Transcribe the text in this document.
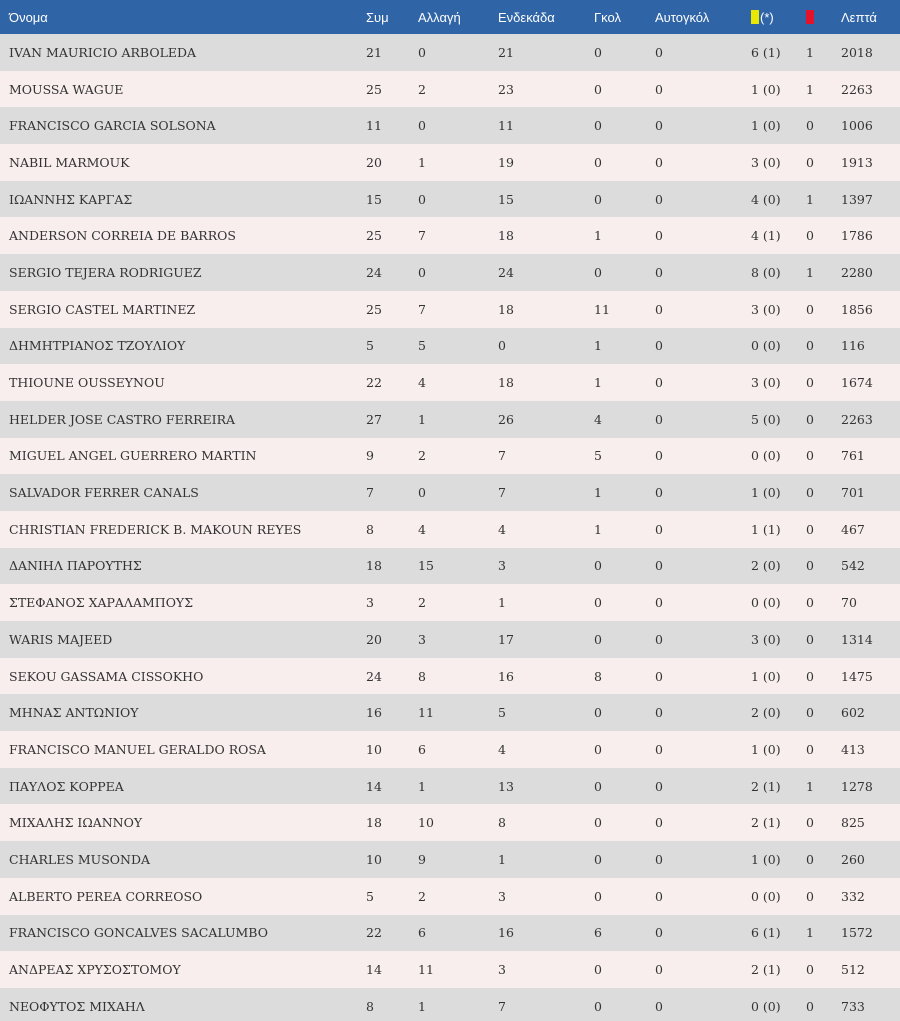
Όνομα	Συμ	Αλλαγή	Ενδεκάδα	Γκολ	Αυτογκόλ	(*)		Λεπτά
IVAN MAURICIO ARBOLEDA	21	0	21	0	0	6 (1)	1	2018
MOUSSA WAGUE	25	2	23	0	0	1 (0)	1	2263
FRANCISCO GARCIA SOLSONA	11	0	11	0	0	1 (0)	0	1006
NABIL MARMOUK	20	1	19	0	0	3 (0)	0	1913
ΙΩΑΝΝΗΣ ΚΑΡΓΑΣ	15	0	15	0	0	4 (0)	1	1397
ANDERSON CORREIA DE BARROS	25	7	18	1	0	4 (1)	0	1786
SERGIO TEJERA RODRIGUEZ	24	0	24	0	0	8 (0)	1	2280
SERGIO CASTEL MARTINEZ	25	7	18	11	0	3 (0)	0	1856
ΔΗΜΗΤΡΙΑΝΟΣ ΤΖΟΥΛΙΟΥ	5	5	0	1	0	0 (0)	0	116
THIOUNE OUSSEYNOU	22	4	18	1	0	3 (0)	0	1674
HELDER JOSE CASTRO FERREIRA	27	1	26	4	0	5 (0)	0	2263
MIGUEL ANGEL GUERRERO MARTIN	9	2	7	5	0	0 (0)	0	761
SALVADOR FERRER CANALS	7	0	7	1	0	1 (0)	0	701
CHRISTIAN FREDERICK B. MAKOUN REYES	8	4	4	1	0	1 (1)	0	467
ΔΑΝΙΗΛ ΠΑΡΟΥΤΗΣ	18	15	3	0	0	2 (0)	0	542
ΣΤΕΦΑΝΟΣ ΧΑΡΑΛΑΜΠΟΥΣ	3	2	1	0	0	0 (0)	0	70
WARIS MAJEED	20	3	17	0	0	3 (0)	0	1314
SEKOU GASSAMA CISSOKHO	24	8	16	8	0	1 (0)	0	1475
ΜΗΝΑΣ ΑΝΤΩΝΙΟΥ	16	11	5	0	0	2 (0)	0	602
FRANCISCO MANUEL GERALDO ROSA	10	6	4	0	0	1 (0)	0	413
ΠΑΥΛΟΣ ΚΟΡΡΕΑ	14	1	13	0	0	2 (1)	1	1278
ΜΙΧΑΛΗΣ ΙΩΑΝΝΟΥ	18	10	8	0	0	2 (1)	0	825
CHARLES MUSONDA	10	9	1	0	0	1 (0)	0	260
ALBERTO PEREA CORREOSO	5	2	3	0	0	0 (0)	0	332
FRANCISCO GONCALVES SACALUMBO	22	6	16	6	0	6 (1)	1	1572
ΑΝΔΡΕΑΣ ΧΡΥΣΟΣΤΟΜΟΥ	14	11	3	0	0	2 (1)	0	512
ΝΕΟΦΥΤΟΣ ΜΙΧΑΗΛ	8	1	7	0	0	0 (0)	0	733
